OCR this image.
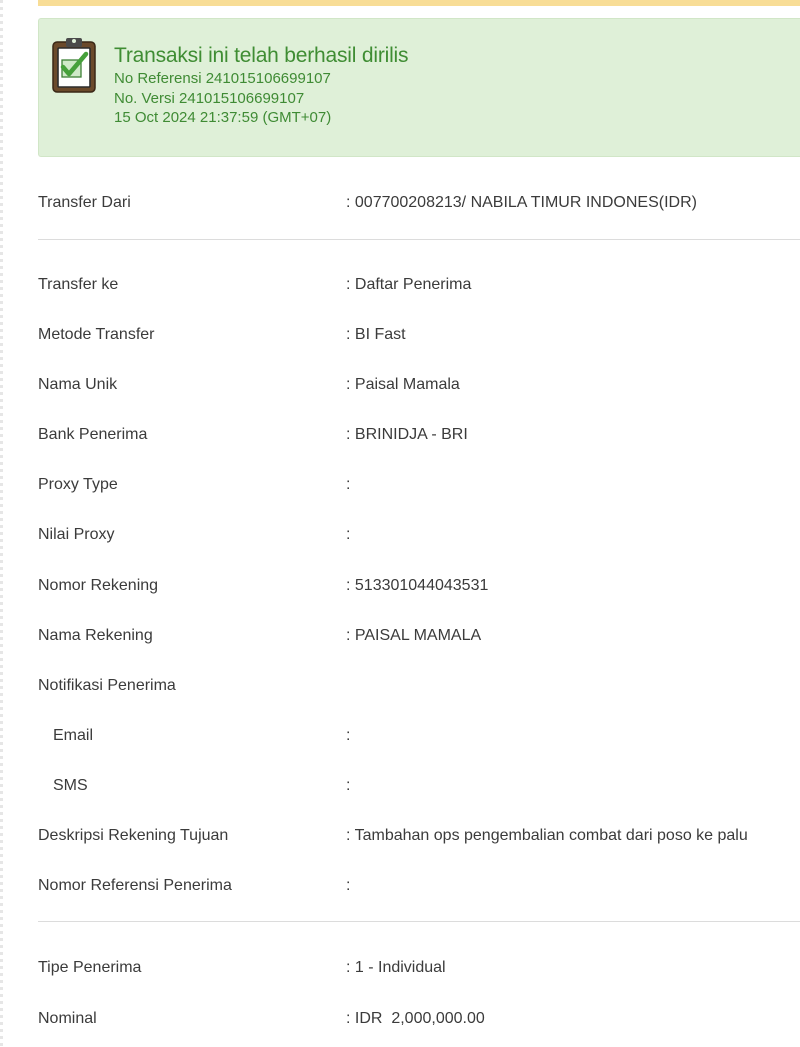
Transaksi ini telah berhasil dirilis
No Referensi 241015106699107
No. Versi 241015106699107
15 Oct 2024 21:37:59 (GMT+07)
Transfer Dari	: 007700208213/ NABILA TIMUR INDONES(IDR)
Transfer ke	: Daftar Penerima
Metode Transfer	: BI Fast
Nama Unik	: Paisal Mamala
Bank Penerima	: BRINIDJA - BRI
Proxy Type	:
Nilai Proxy	:
Nomor Rekening	: 513301044043531
Nama Rekening	: PAISAL MAMALA
Notifikasi Penerima
Email	:
SMS	:
Deskripsi Rekening Tujuan	: Tambahan ops pengembalian combat dari poso ke palu
Nomor Referensi Penerima	:
Tipe Penerima	: 1 - Individual
Nominal	: IDR  2,000,000.00
